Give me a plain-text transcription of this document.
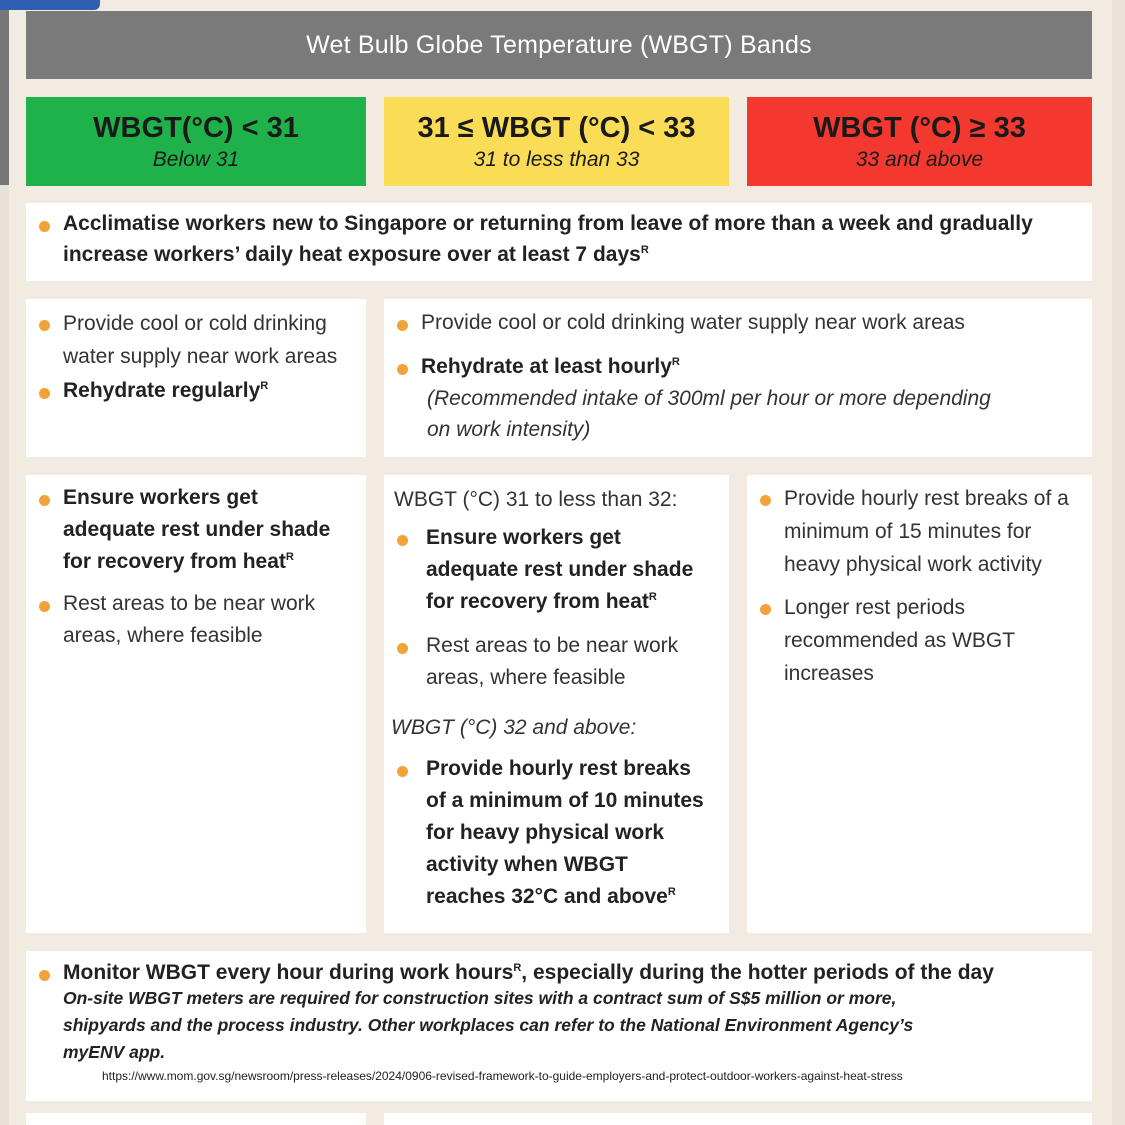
Wet Bulb Globe Temperature (WBGT) Bands
WBGT(°C) < 31
Below 31
31 ≤ WBGT (°C) < 33
31 to less than 33
WBGT (°C) ≥ 33
33 and above
Acclimatise workers new to Singapore or returning from leave of more than a week and gradually
increase workers’ daily heat exposure over at least 7 days$^R$
Provide cool or cold drinking
water supply near work areas
Rehydrate regularly$^R$
Provide cool or cold drinking water supply near work areas
Rehydrate at least hourly$^R$
(Recommended intake of 300ml per hour or more depending
on work intensity)
Ensure workers get
adequate rest under shade
for recovery from heat$^R$
Rest areas to be near work
areas, where feasible
WBGT (°C) 31 to less than 32:
Ensure workers get
adequate rest under shade
for recovery from heat$^R$
Rest areas to be near work
areas, where feasible
WBGT (°C) 32 and above:
Provide hourly rest breaks
of a minimum of 10 minutes
for heavy physical work
activity when WBGT
reaches 32°C and above$^R$
Provide hourly rest breaks of a
minimum of 15 minutes for
heavy physical work activity
Longer rest periods
recommended as WBGT
increases
Monitor WBGT every hour during work hours$^R$, especially during the hotter periods of the day
On-site WBGT meters are required for construction sites with a contract sum of S$5 million or more,
shipyards and the process industry. Other workplaces can refer to the National Environment Agency’s
myENV app.
https://www.mom.gov.sg/newsroom/press-releases/2024/0906-revised-framework-to-guide-employers-and-protect-outdoor-workers-against-heat-stress
